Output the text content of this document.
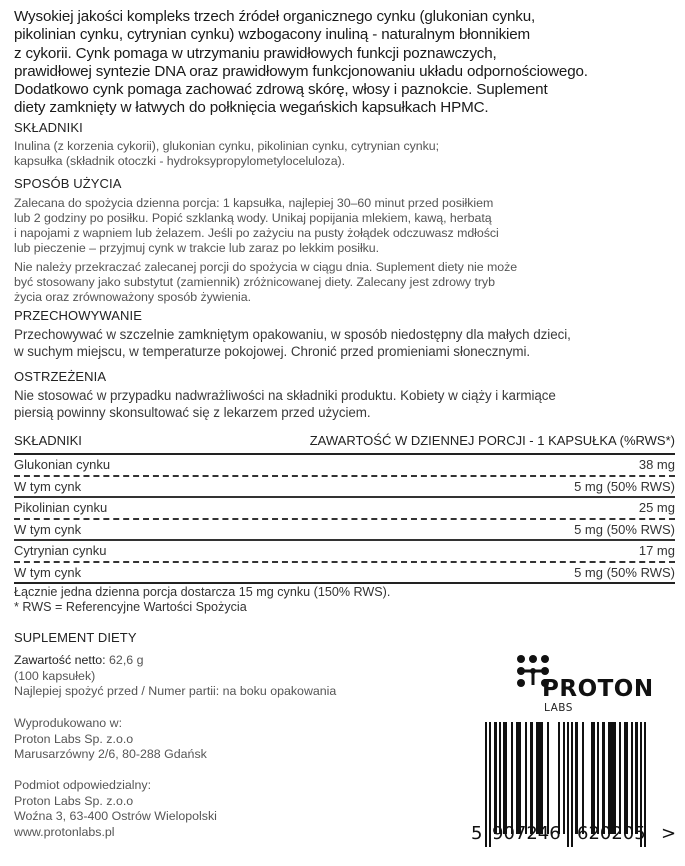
Wysokiej jakości kompleks trzech źródeł organicznego cynku (glukonian cynku,

pikolinian cynku, cytrynian cynku) wzbogacony inuliną - naturalnym błonnikiem

z cykorii. Cynk pomaga w utrzymaniu prawidłowych funkcji poznawczych,

prawidłowej syntezie DNA oraz prawidłowym funkcjonowaniu układu odpornościowego.

Dodatkowo cynk pomaga zachować zdrową skórę, włosy i paznokcie. Suplement

diety zamknięty w łatwych do połknięcia wegańskich kapsułkach HPMC.

SKŁADNIKI

Inulina (z korzenia cykorii), glukonian cynku, pikolinian cynku, cytrynian cynku;

kapsułka (składnik otoczki - hydroksypropylometyloceluloza).

SPOSÓB UŻYCIA

Zalecana do spożycia dzienna porcja: 1 kapsułka, najlepiej 30–60 minut przed posiłkiem

lub 2 godziny po posiłku. Popić szklanką wody. Unikaj popijania mlekiem, kawą, herbatą

i napojami z wapniem lub żelazem. Jeśli po zażyciu na pusty żołądek odczuwasz mdłości

lub pieczenie – przyjmuj cynk w trakcie lub zaraz po lekkim posiłku.

Nie należy przekraczać zalecanej porcji do spożycia w ciągu dnia. Suplement diety nie może

być stosowany jako substytut (zamiennik) zróżnicowanej diety. Zalecany jest zdrowy tryb

życia oraz zrównoważony sposób żywienia.

PRZECHOWYWANIE

Przechowywać w szczelnie zamkniętym opakowaniu, w sposób niedostępny dla małych dzieci,

w suchym miejscu, w temperaturze pokojowej. Chronić przed promieniami słonecznymi.

OSTRZEŻENIA

Nie stosować w przypadku nadwrażliwości na składniki produktu. Kobiety w ciąży i karmiące

piersią powinny skonsultować się z lekarzem przed użyciem.

SKŁADNIKI	ZAWARTOŚĆ W DZIENNEJ PORCJI - 1 KAPSUŁKA (%RWS*)
Glukonian cynku	38 mg
W tym cynk	5 mg (50% RWS)
Pikolinian cynku	25 mg
W tym cynk	5 mg (50% RWS)
Cytrynian cynku	17 mg
W tym cynk	5 mg (50% RWS)

Łącznie jedna dzienna porcja dostarcza 15 mg cynku (150% RWS).

* RWS = Referencyjne Wartości Spożycia

SUPLEMENT DIETY

Zawartość netto: 62,6 g

(100 kapsułek)

Najlepiej spożyć przed / Numer partii: na boku opakowania

Wyprodukowano w:

Proton Labs Sp. z.o.o

Marusarzówny 2/6, 80-288 Gdańsk

Podmiot odpowiedzialny:

Proton Labs Sp. z.o.o

Woźna 3, 63-400 Ostrów Wielopolski

www.protonlabs.pl

PROTON
LABS
5 907246 620205 >
